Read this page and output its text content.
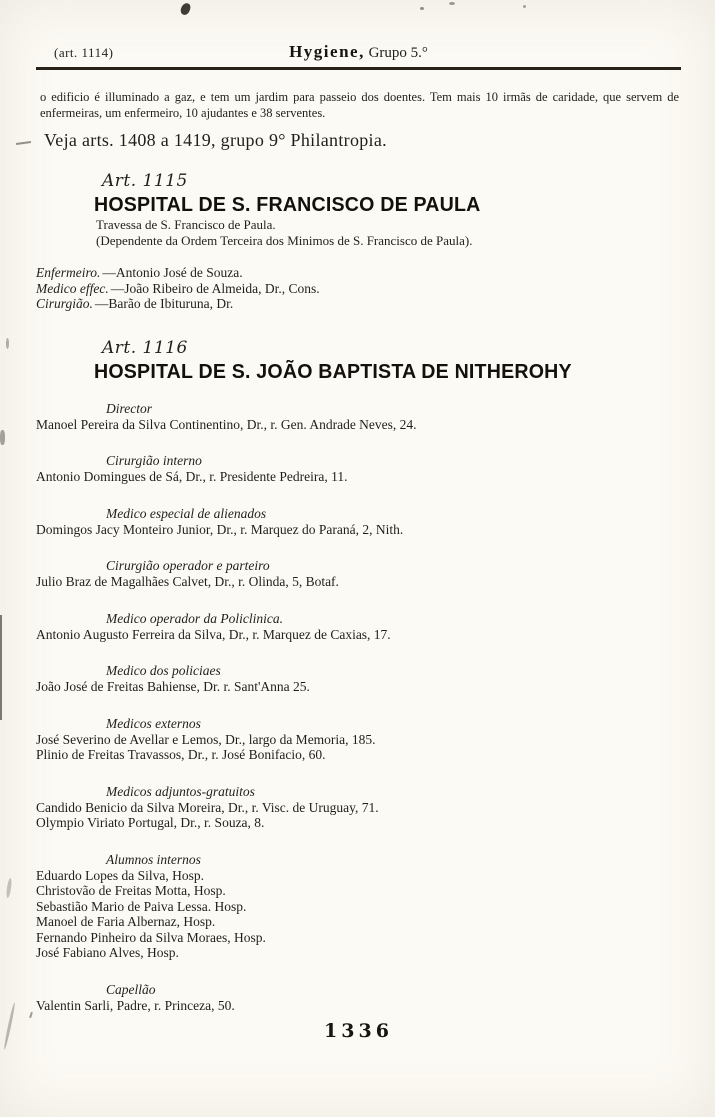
(art. 1114)	Hygiene, Grupo 5.°

o edificio é illuminado a gaz, e tem um jardim para passeio dos doentes. Tem mais 10 irmãs de caridade, que servem de enfermeiras, um enfermeiro, 10 ajudantes e 38 serventes.

Veja arts. 1408 a 1419, grupo 9° Philantropia.
Art. 1115
HOSPITAL DE S. FRANCISCO DE PAULA
Travessa de S. Francisco de Paula.
(Dependente da Ordem Terceira dos Minimos de S. Francisco de Paula).
Enfermeiro. —Antonio José de Souza.
Medico effec. —João Ribeiro de Almeida, Dr., Cons.
Cirurgião. —Barão de Ibituruna, Dr.
Art. 1116
HOSPITAL DE S. JOÃO BAPTISTA DE NITHEROHY
Director
Manoel Pereira da Silva Continentino, Dr., r. Gen. Andrade Neves, 24.
Cirurgião interno
Antonio Domingues de Sá, Dr., r. Presidente Pedreira, 11.
Medico especial de alienados
Domingos Jacy Monteiro Junior, Dr., r. Marquez do Paraná, 2, Nith.
Cirurgião operador e parteiro
Julio Braz de Magalhães Calvet, Dr., r. Olinda, 5, Botaf.
Medico operador da Policlinica.
Antonio Augusto Ferreira da Silva, Dr., r. Marquez de Caxias, 17.
Medico dos policiaes
João José de Freitas Bahiense, Dr. r. Sant'Anna 25.
Medicos externos
José Severino de Avellar e Lemos, Dr., largo da Memoria, 185.
Plinio de Freitas Travassos, Dr., r. José Bonifacio, 60.
Medicos adjuntos-gratuitos
Candido Benicio da Silva Moreira, Dr., r. Visc. de Uruguay, 71.
Olympio Viriato Portugal, Dr., r. Souza, 8.
Alumnos internos
Eduardo Lopes da Silva, Hosp.
Christovão de Freitas Motta, Hosp.
Sebastião Mario de Paiva Lessa. Hosp.
Manoel de Faria Albernaz, Hosp.
Fernando Pinheiro da Silva Moraes, Hosp.
José Fabiano Alves, Hosp.
Capellão
Valentin Sarli, Padre, r. Princeza, 50.
1336
